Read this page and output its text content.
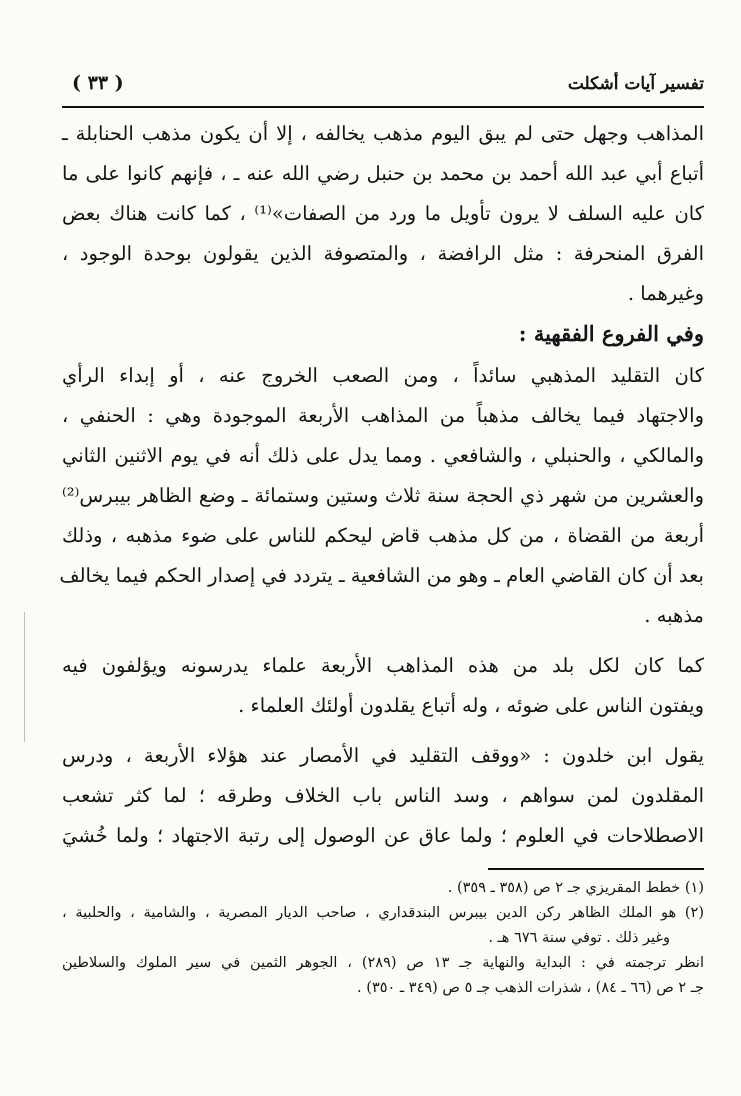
تفسير آيات أشكلت
( ٣٣ )
المذاهب وجهل حتى لم يبق اليوم مذهب يخالفه ، إلا أن يكون مذهب الحنابلة ـ
أتباع أبي عبد الله أحمد بن محمد بن حنبل رضي الله عنه ـ ، فإنهم كانوا على ما
كان عليه السلف لا يرون تأويل ما ورد من الصفات»⁽¹⁾ ، كما كانت هناك بعض
الفرق المنحرفة : مثل الرافضة ، والمتصوفة الذين يقولون بوحدة الوجود ،
وغيرهما .
وفي الفروع الفقهية :
كان التقليد المذهبي سائداً ، ومن الصعب الخروج عنه ، أو إبداء الرأي
والاجتهاد فيما يخالف مذهباً من المذاهب الأربعة الموجودة وهي : الحنفي ،
والمالكي ، والحنبلي ، والشافعي . ومما يدل على ذلك أنه في يوم الاثنين الثاني
والعشرين من شهر ذي الحجة سنة ثلاث وستين وستمائة ـ وضع الظاهر بيبرس⁽²⁾
أربعة من القضاة ، من كل مذهب قاض ليحكم للناس على ضوء مذهبه ، وذلك
بعد أن كان القاضي العام ـ وهو من الشافعية ـ يتردد في إصدار الحكم فيما يخالف
مذهبه .
كما كان لكل بلد من هذه المذاهب الأربعة علماء يدرسونه ويؤلفون فيه
ويفتون الناس على ضوئه ، وله أتباع يقلدون أولئك العلماء .
يقول ابن خلدون : «ووقف التقليد في الأمصار عند هؤلاء الأربعة ، ودرس
المقلدون لمن سواهم ، وسد الناس باب الخلاف وطرقه ؛ لما كثر تشعب
الاصطلاحات في العلوم ؛ ولما عاق عن الوصول إلى رتبة الاجتهاد ؛ ولما خُشيَ
(١) خطط المقريزي جـ ٢ ص (٣٥٨ ـ ٣٥٩) .
(٢) هو الملك الظاهر ركن الدين بيبرس البندقداري ، صاحب الديار المصرية ، والشامية ، والحلبية ،
وغير ذلك . توفي سنة ٦٧٦ هـ .
انظر ترجمته في : البداية والنهاية جـ ١٣ ص (٢٨٩) ، الجوهر الثمين في سير الملوك والسلاطين
جـ ٢ ص (٦٦ ـ ٨٤) ، شذرات الذهب جـ ٥ ص (٣٤٩ ـ ٣٥٠) .
